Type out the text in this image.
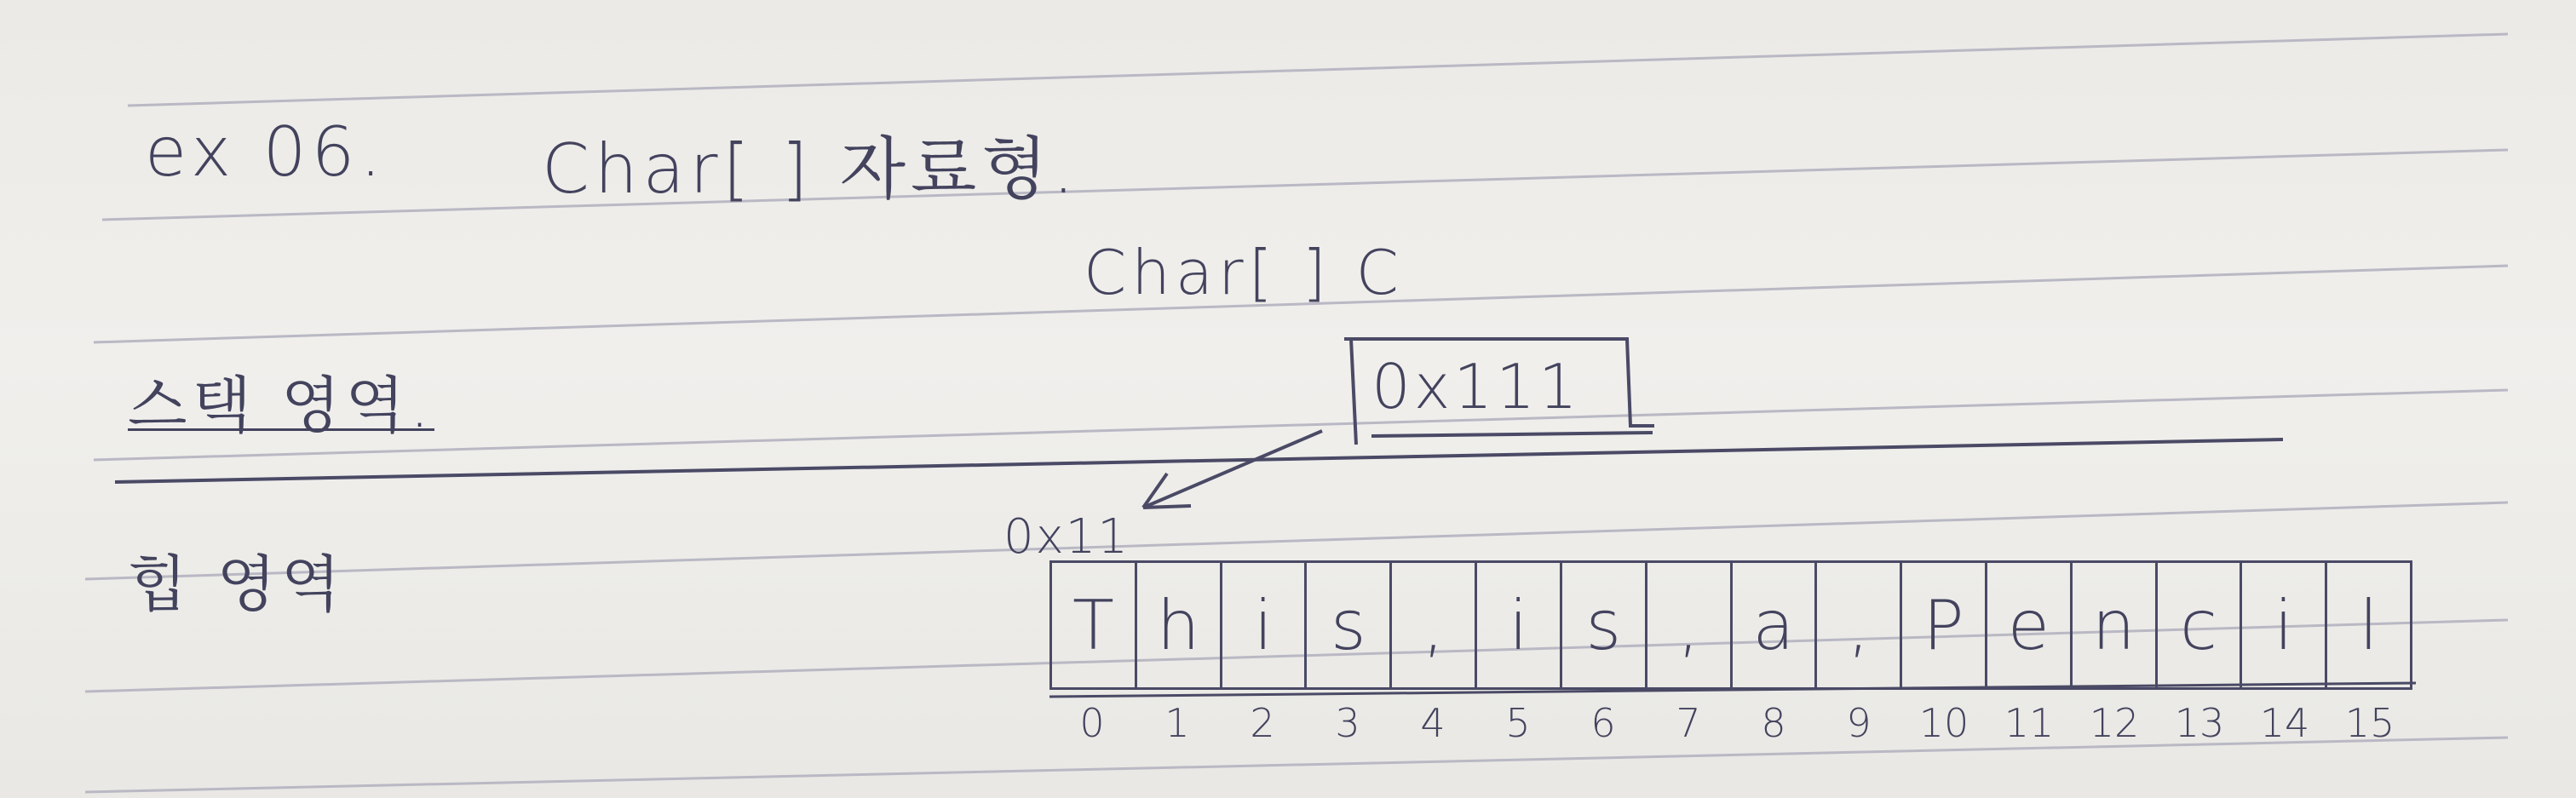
ex 06. Char[ ] 자료형.
Char[ ] C
스택 영역.
힙 영역
0x111
0x11
T h i s , i s , a , P e n c i l
0	1	2	3	4	5	6	7	8	9	10 11 12 13 14 15
